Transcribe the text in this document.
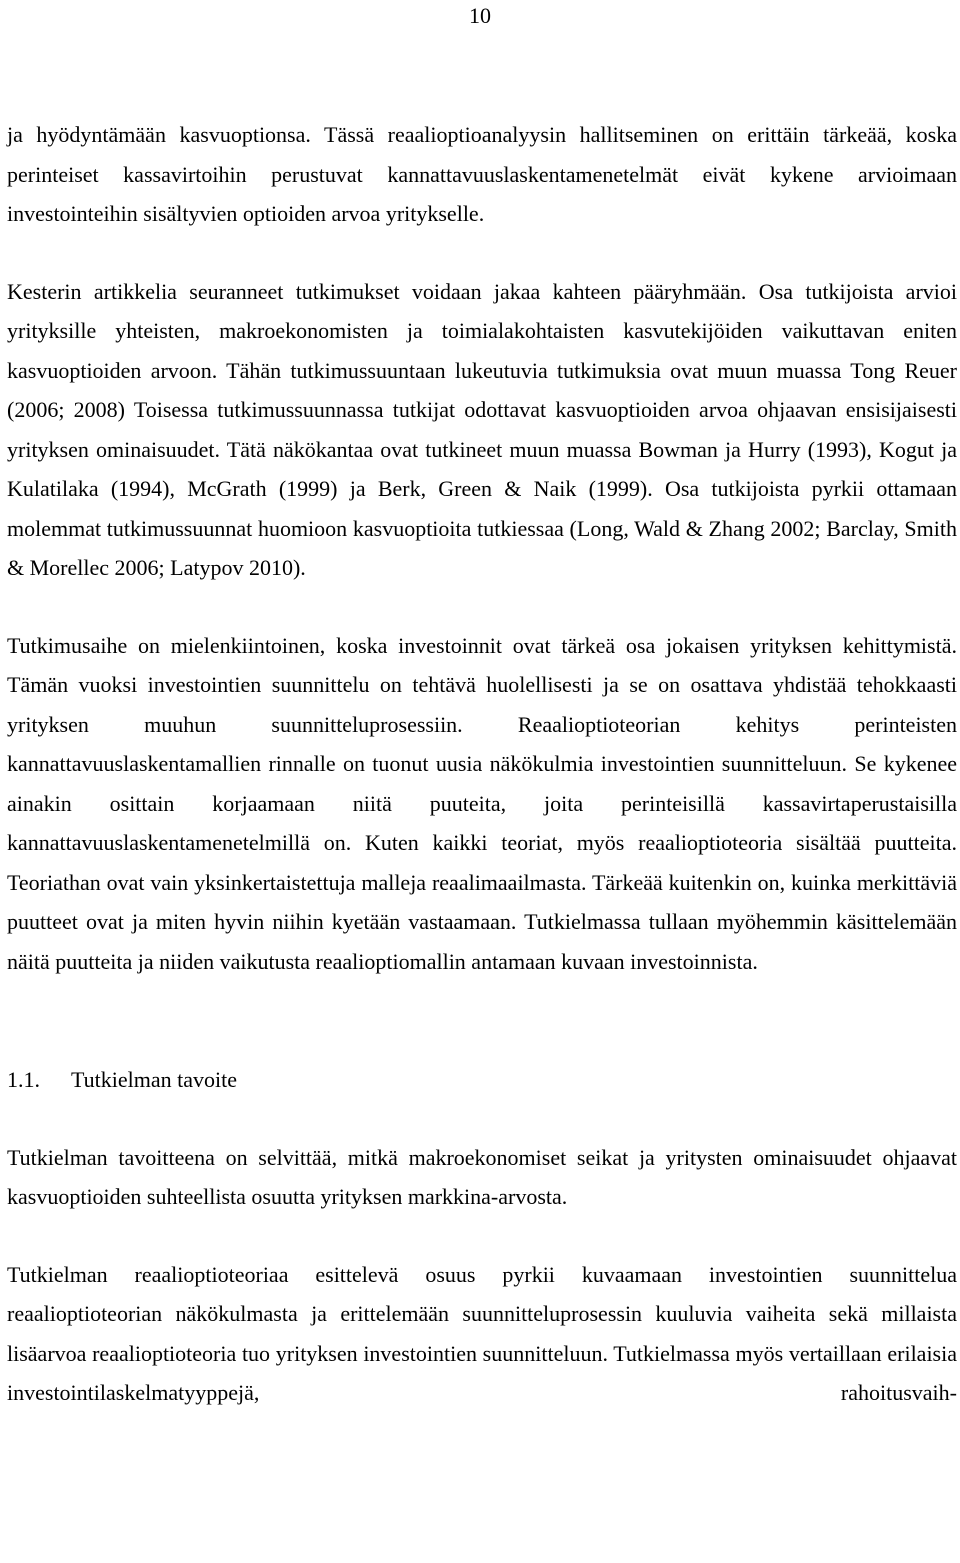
10

ja hyödyntämään kasvuoptionsa. Tässä reaalioptioanalyysin hallitseminen on erittäin tärkeää, koska perinteiset kassavirtoihin perustuvat kannattavuuslaskentamenetelmät eivät kykene arvioimaan investointeihin sisältyvien optioiden arvoa yritykselle.

Kesterin artikkelia seuranneet tutkimukset voidaan jakaa kahteen pääryhmään. Osa tutkijoista arvioi yrityksille yhteisten, makroekonomisten ja toimialakohtaisten kasvutekijöiden vaikuttavan eniten kasvuoptioiden arvoon. Tähän tutkimussuuntaan lukeutuvia tutkimuksia ovat muun muassa Tong Reuer (2006; 2008) Toisessa tutkimussuunnassa tutkijat odottavat kasvuoptioiden arvoa ohjaavan ensisijaisesti yrityksen ominaisuudet. Tätä näkökantaa ovat tutkineet muun muassa Bowman ja Hurry (1993), Kogut ja Kulatilaka (1994), McGrath (1999) ja Berk, Green & Naik (1999). Osa tutkijoista pyrkii ottamaan molemmat tutkimussuunnat huomioon kasvuoptioita tutkiessaa (Long, Wald & Zhang 2002; Barclay, Smith & Morellec 2006; Latypov 2010).

Tutkimusaihe on mielenkiintoinen, koska investoinnit ovat tärkeä osa jokaisen yrityksen kehittymistä. Tämän vuoksi investointien suunnittelu on tehtävä huolellisesti ja se on osattava yhdistää tehokkaasti yrityksen muuhun suunnitteluprosessiin. Reaalioptioteorian kehitys perinteisten kannattavuuslaskentamallien rinnalle on tuonut uusia näkökulmia investointien suunnitteluun. Se kykenee ainakin osittain korjaamaan niitä puuteita, joita perinteisillä kassavirtaperustaisilla kannattavuuslaskentamenetelmillä on. Kuten kaikki teoriat, myös reaalioptioteoria sisältää puutteita. Teoriathan ovat vain yksinkertaistettuja malleja reaalimaailmasta. Tärkeää kuitenkin on, kuinka merkittäviä puutteet ovat ja miten hyvin niihin kyetään vastaamaan. Tutkielmassa tullaan myöhemmin käsittelemään näitä puutteita ja niiden vaikutusta reaalioptiomallin antamaan kuvaan investoinnista.

1.1. Tutkielman tavoite

Tutkielman tavoitteena on selvittää, mitkä makroekonomiset seikat ja yritysten ominaisuudet ohjaavat kasvuoptioiden suhteellista osuutta yrityksen markkina-arvosta.

Tutkielman reaalioptioteoriaa esittelevä osuus pyrkii kuvaamaan investointien suunnittelua reaalioptioteorian näkökulmasta ja erittelemään suunnitteluprosessin kuuluvia vaiheita sekä millaista lisäarvoa reaalioptioteoria tuo yrityksen investointien suunnitteluun. Tutkielmassa myös vertaillaan erilaisia investointilaskelmatyyppejä, rahoitusvaih-
